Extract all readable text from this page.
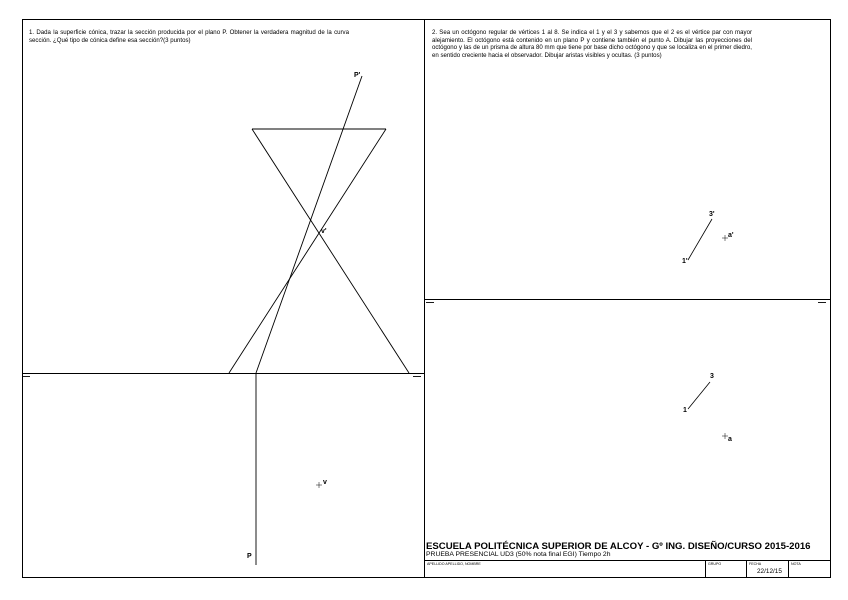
1. Dada la superficie cónica, trazar la sección producida por el plano P. Obtener la verdadera magnitud de la curva sección. ¿Qué tipo de cónica define esa sección?(3 puntos)
P'
v'
v
P
2. Sea un octógono regular de vértices 1 al 8. Se indica el 1 y el 3 y sabemos que el 2 es el vértice par con mayor alejamiento. El octógono está contenido en un plano P y contiene también el punto A. Dibujar las proyecciones del octógono y las de un prisma de altura 80 mm que tiene por base dicho octógono y que se localiza en el primer diedro, en sentido creciente hacia el observador. Dibujar aristas visibles y ocultas. (3 puntos)
3'
a'
1'
3
1
a
ESCUELA POLITÉCNICA SUPERIOR DE ALCOY - Gº ING. DISEÑO/CURSO 2015-2016
PRUEBA PRESENCIAL UD3 (50% nota final EGI) Tiempo 2h
APELLIDO APELLIDO, NOMBRE	GRUPO	FECHA	NOTA
22/12/15
